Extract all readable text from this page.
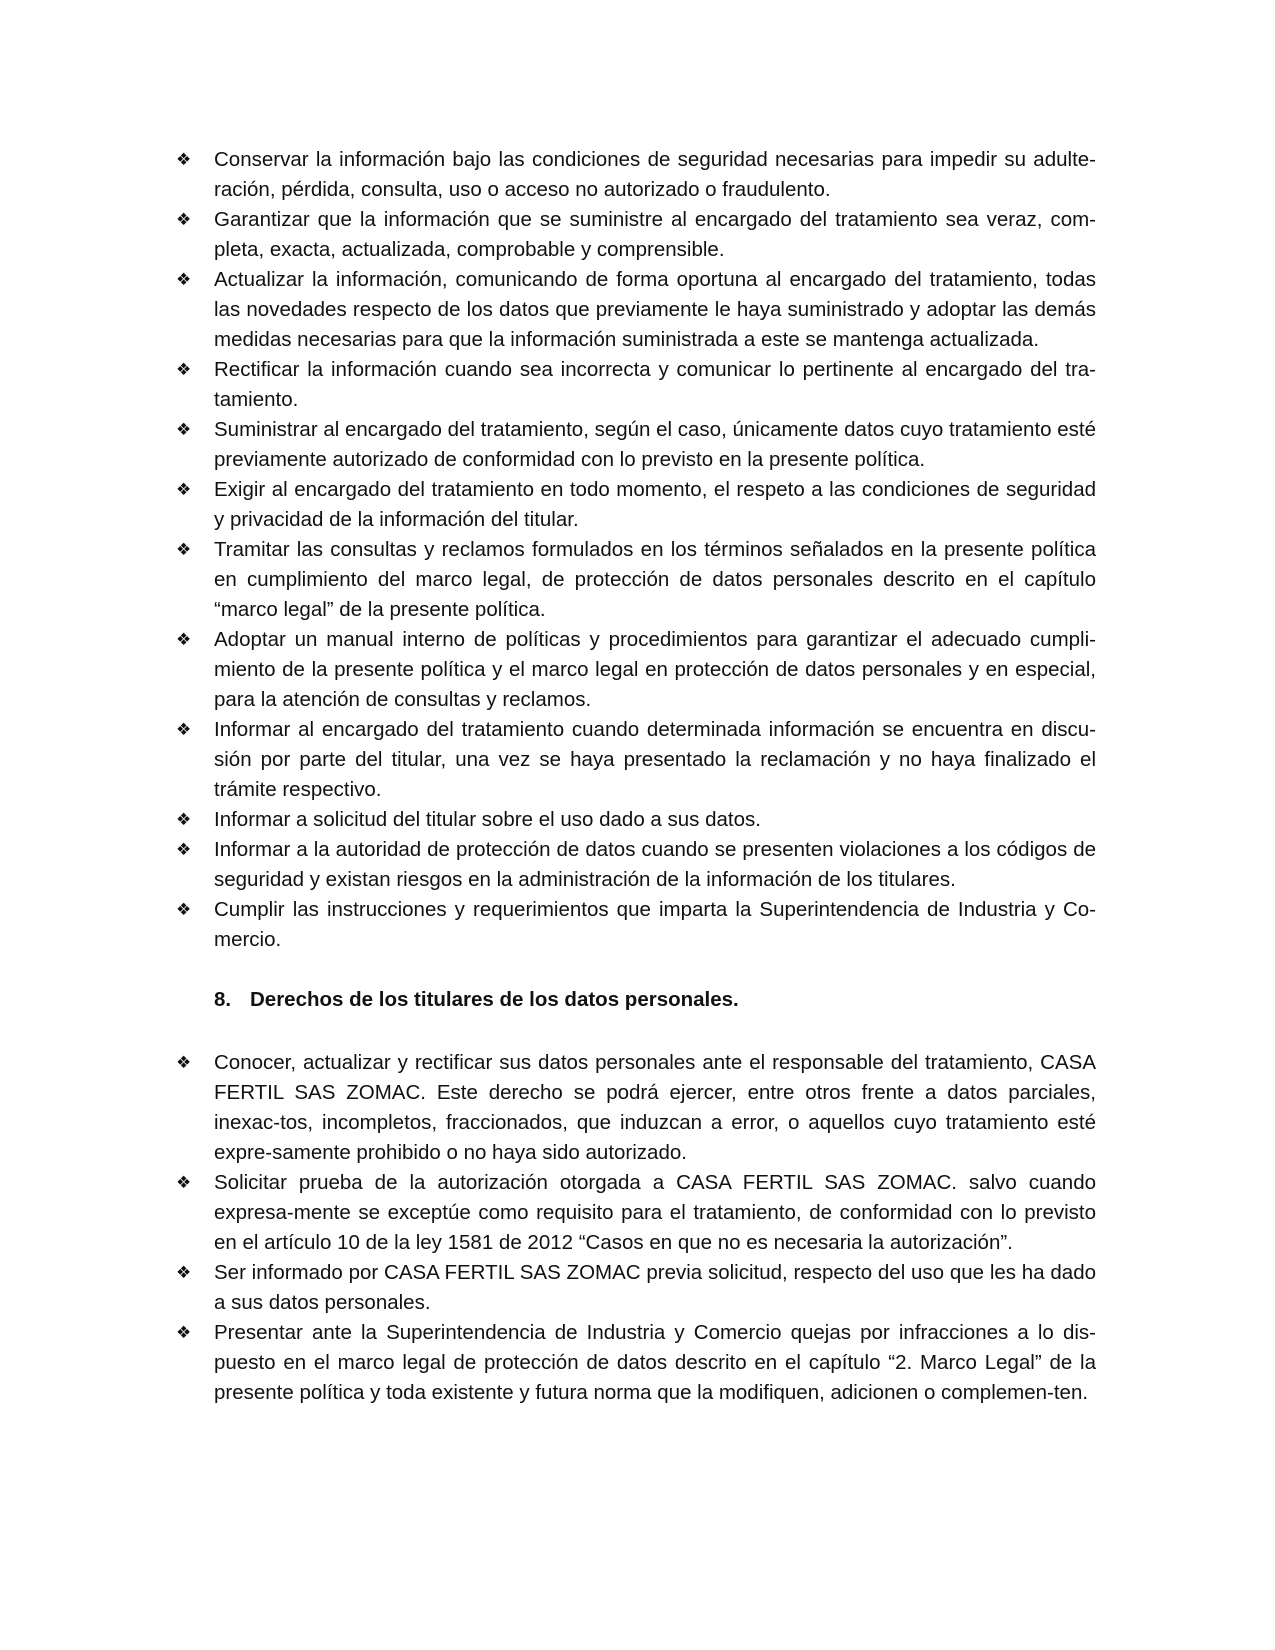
❖	Conservar la información bajo las condiciones de seguridad necesarias para impedir su adulte-ración, pérdida, consulta, uso o acceso no autorizado o fraudulento.
❖	Garantizar que la información que se suministre al encargado del tratamiento sea veraz, com-pleta, exacta, actualizada, comprobable y comprensible.
❖	Actualizar la información, comunicando de forma oportuna al encargado del tratamiento, todas las novedades respecto de los datos que previamente le haya suministrado y adoptar las demás medidas necesarias para que la información suministrada a este se mantenga actualizada.
❖	Rectificar la información cuando sea incorrecta y comunicar lo pertinente al encargado del tra-tamiento.
❖	Suministrar al encargado del tratamiento, según el caso, únicamente datos cuyo tratamiento esté previamente autorizado de conformidad con lo previsto en la presente política.
❖	Exigir al encargado del tratamiento en todo momento, el respeto a las condiciones de seguridad y privacidad de la información del titular.
❖	Tramitar las consultas y reclamos formulados en los términos señalados en la presente política en cumplimiento del marco legal, de protección de datos personales descrito en el capítulo “marco legal” de la presente política.
❖	Adoptar un manual interno de políticas y procedimientos para garantizar el adecuado cumpli-miento de la presente política y el marco legal en protección de datos personales y en especial, para la atención de consultas y reclamos.
❖	Informar al encargado del tratamiento cuando determinada información se encuentra en discu-sión por parte del titular, una vez se haya presentado la reclamación y no haya finalizado el trámite respectivo.
❖	Informar a solicitud del titular sobre el uso dado a sus datos.
❖	Informar a la autoridad de protección de datos cuando se presenten violaciones a los códigos de seguridad y existan riesgos en la administración de la información de los titulares.
❖	Cumplir las instrucciones y requerimientos que imparta la Superintendencia de Industria y Co-mercio.
8. Derechos de los titulares de los datos personales.
❖	Conocer, actualizar y rectificar sus datos personales ante el responsable del tratamiento, CASA FERTIL SAS ZOMAC. Este derecho se podrá ejercer, entre otros frente a datos parciales, inexac-tos, incompletos, fraccionados, que induzcan a error, o aquellos cuyo tratamiento esté expre-samente prohibido o no haya sido autorizado.
❖	Solicitar prueba de la autorización otorgada a CASA FERTIL SAS ZOMAC. salvo cuando expresa-mente se exceptúe como requisito para el tratamiento, de conformidad con lo previsto en el artículo 10 de la ley 1581 de 2012 “Casos en que no es necesaria la autorización”.
❖	Ser informado por CASA FERTIL SAS ZOMAC previa solicitud, respecto del uso que les ha dado a sus datos personales.
❖	Presentar ante la Superintendencia de Industria y Comercio quejas por infracciones a lo dis-puesto en el marco legal de protección de datos descrito en el capítulo “2. Marco Legal” de la presente política y toda existente y futura norma que la modifiquen, adicionen o complemen-ten.
